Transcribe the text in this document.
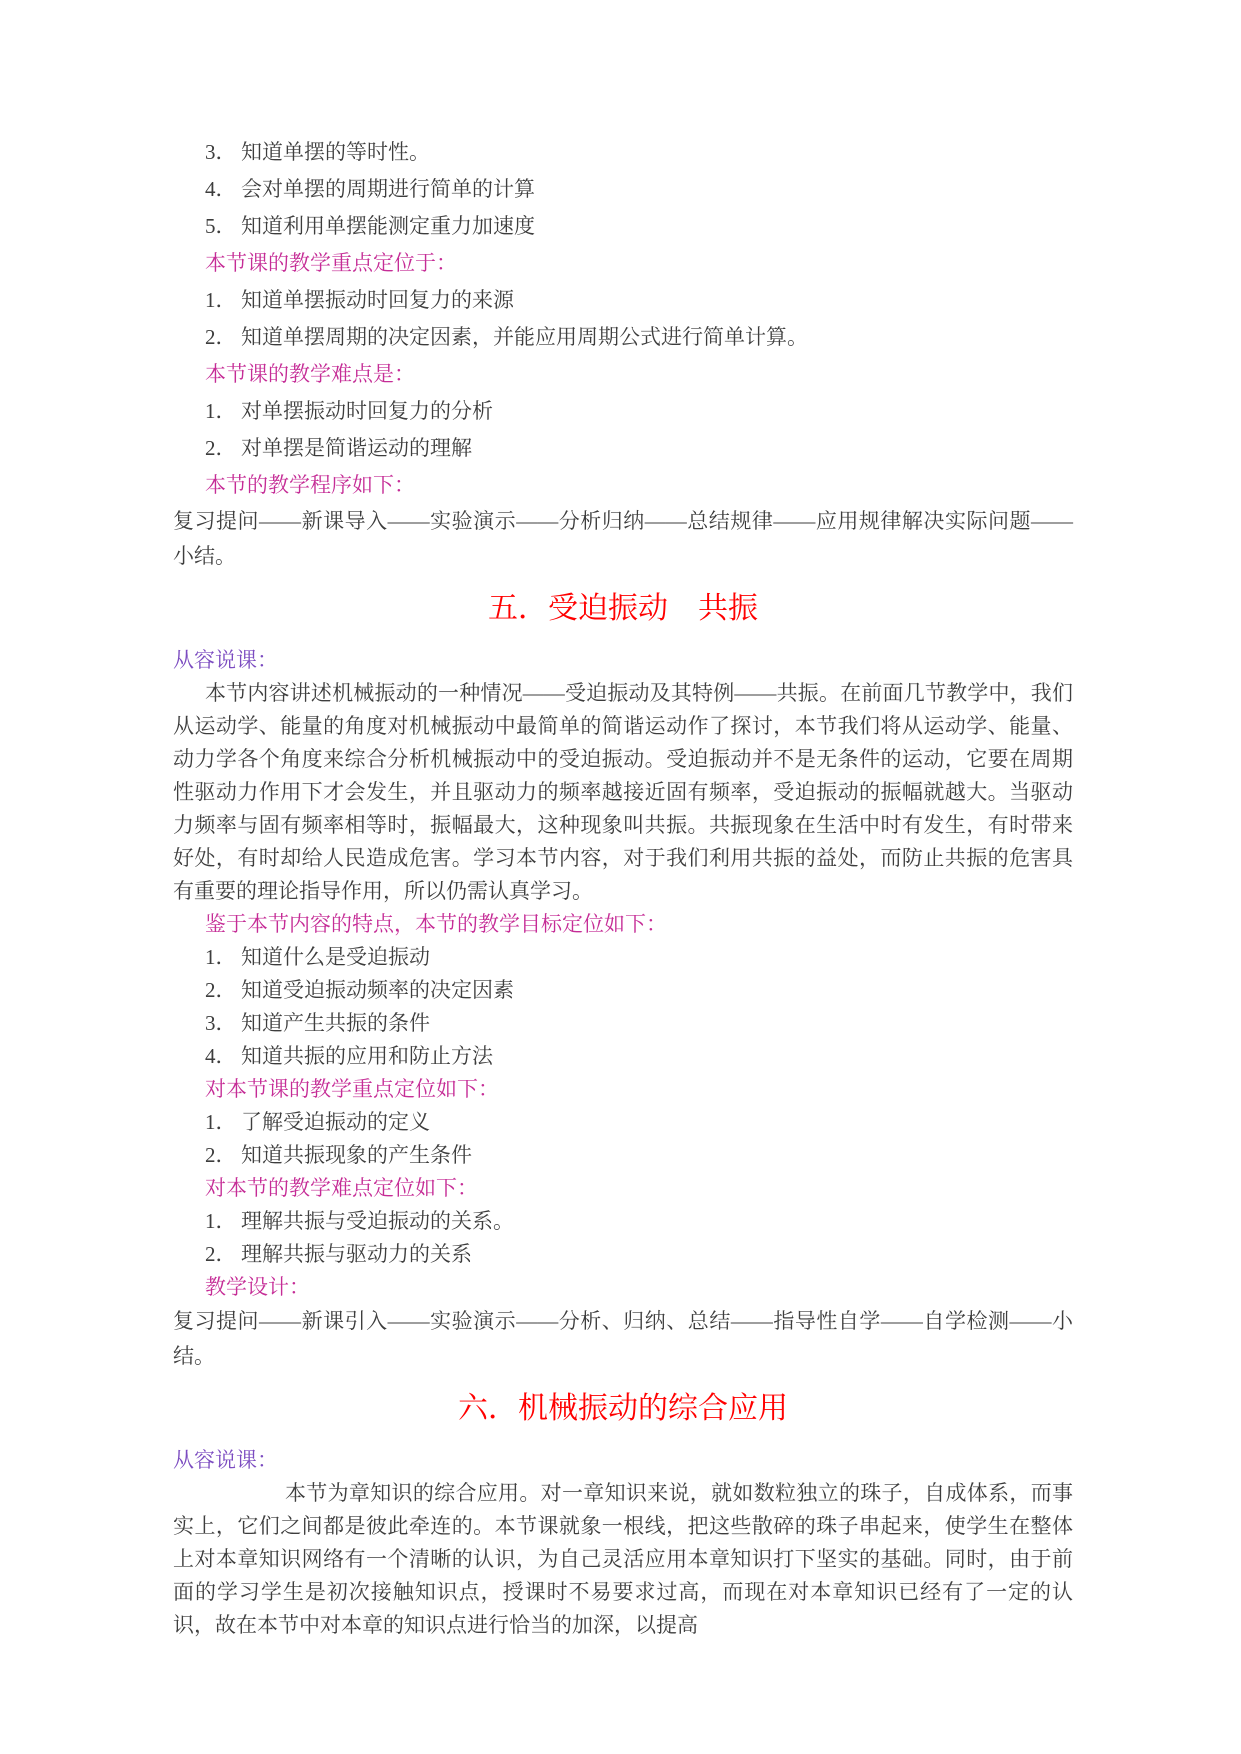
3． 知道单摆的等时性。
4． 会对单摆的周期进行简单的计算
5． 知道利用单摆能测定重力加速度
本节课的教学重点定位于：
1． 知道单摆振动时回复力的来源
2． 知道单摆周期的决定因素，并能应用周期公式进行简单计算。
本节课的教学难点是：
1． 对单摆振动时回复力的分析
2． 对单摆是简谐运动的理解
本节的教学程序如下：
复习提问——新课导入——实验演示——分析归纳——总结规律——应用规律解决实际问题——小结。
五．受迫振动　共振
从容说课：
本节内容讲述机械振动的一种情况——受迫振动及其特例——共振。在前面几节教学中，我们从运动学、能量的角度对机械振动中最简单的简谐运动作了探讨，本节我们将从运动学、能量、动力学各个角度来综合分析机械振动中的受迫振动。受迫振动并不是无条件的运动，它要在周期性驱动力作用下才会发生，并且驱动力的频率越接近固有频率，受迫振动的振幅就越大。当驱动力频率与固有频率相等时，振幅最大，这种现象叫共振。共振现象在生活中时有发生，有时带来好处，有时却给人民造成危害。学习本节内容，对于我们利用共振的益处，而防止共振的危害具有重要的理论指导作用，所以仍需认真学习。
鉴于本节内容的特点，本节的教学目标定位如下：
1． 知道什么是受迫振动
2． 知道受迫振动频率的决定因素
3． 知道产生共振的条件
4． 知道共振的应用和防止方法
对本节课的教学重点定位如下：
1． 了解受迫振动的定义
2． 知道共振现象的产生条件
对本节的教学难点定位如下：
1． 理解共振与受迫振动的关系。
2． 理解共振与驱动力的关系
教学设计：
复习提问——新课引入——实验演示——分析、归纳、总结——指导性自学——自学检测——小结。
六．机械振动的综合应用
从容说课：
本节为章知识的综合应用。对一章知识来说，就如数粒独立的珠子，自成体系，而事实上，它们之间都是彼此牵连的。本节课就象一根线，把这些散碎的珠子串起来，使学生在整体上对本章知识网络有一个清晰的认识，为自己灵活应用本章知识打下坚实的基础。同时，由于前面的学习学生是初次接触知识点，授课时不易要求过高，而现在对本章知识已经有了一定的认识，故在本节中对本章的知识点进行恰当的加深，以提高
